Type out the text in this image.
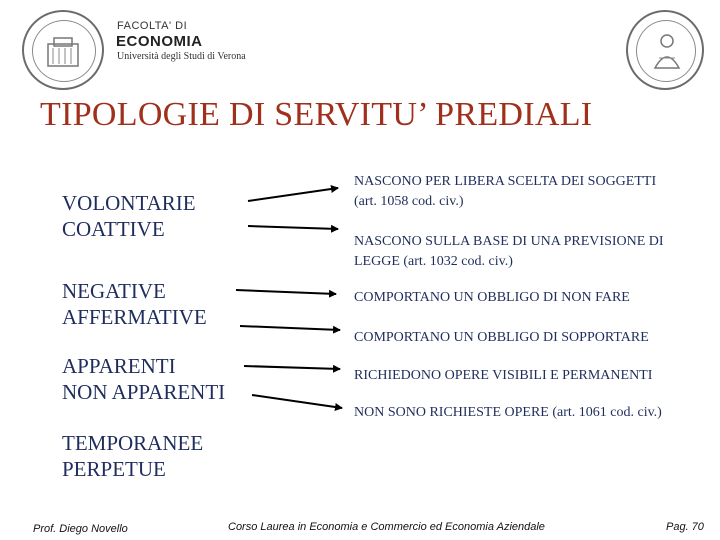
FACOLTA' DI
ECONOMIA
Università degli Studi di Verona
TIPOLOGIE DI SERVITU’ PREDIALI
VOLONTARIE
COATTIVE
NEGATIVE
AFFERMATIVE
APPARENTI
NON APPARENTI
TEMPORANEE
PERPETUE
NASCONO PER LIBERA SCELTA DEI SOGGETTI
(art. 1058 cod. civ.)
NASCONO SULLA BASE DI UNA PREVISIONE DI
LEGGE (art. 1032 cod. civ.)
COMPORTANO UN OBBLIGO DI NON FARE
COMPORTANO UN OBBLIGO DI SOPPORTARE
RICHIEDONO OPERE VISIBILI E PERMANENTI
NON SONO RICHIESTE OPERE (art. 1061 cod. civ.)
Prof. Diego Novello	Corso Laurea in Economia e Commercio ed Economia Aziendale	Pag. 70
